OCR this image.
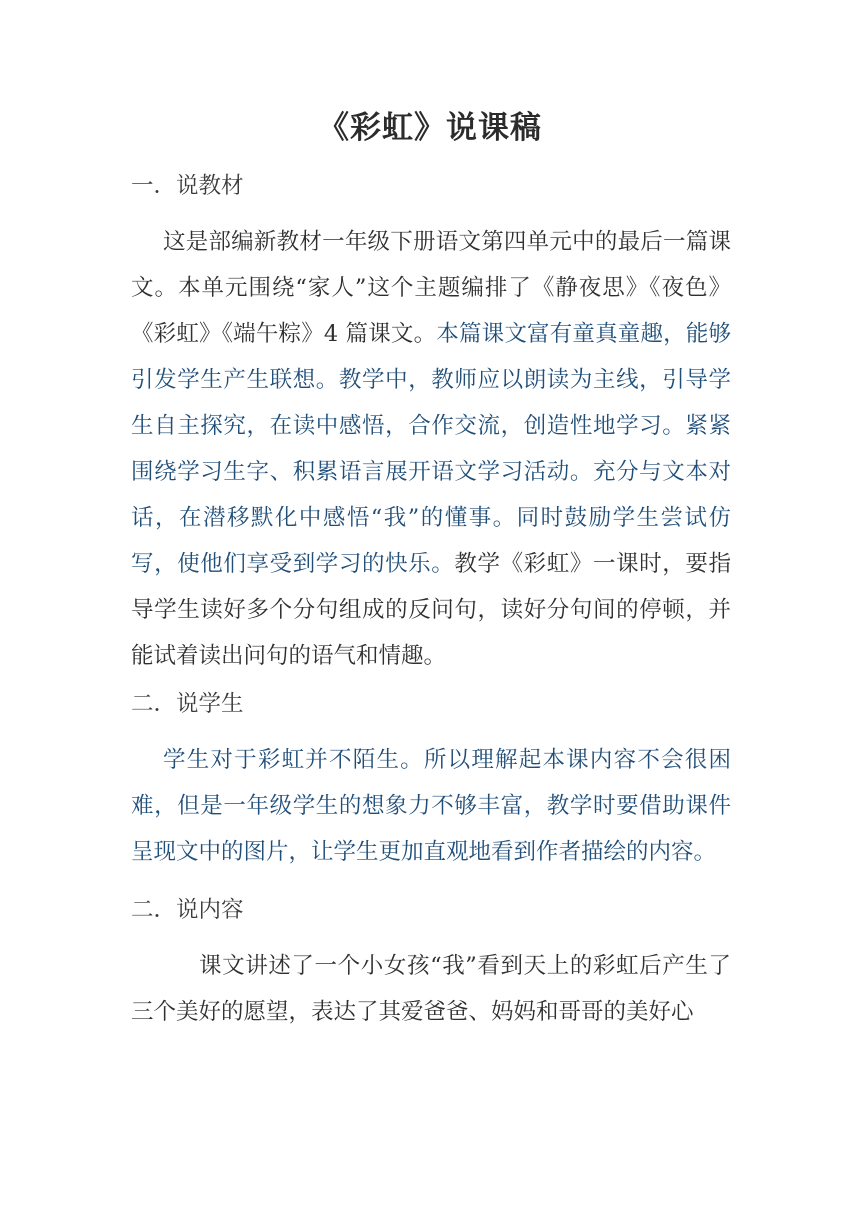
《彩虹》说课稿
一．说教材
这是部编新教材一年级下册语文第四单元中的最后一篇课文。本单元围绕“家人”这个主题编排了《静夜思》《夜色》《彩虹》《端午粽》4 篇课文。本篇课文富有童真童趣，能够引发学生产生联想。教学中，教师应以朗读为主线，引导学生自主探究，在读中感悟，合作交流，创造性地学习。紧紧围绕学习生字、积累语言展开语文学习活动。充分与文本对话，在潜移默化中感悟“我”的懂事。同时鼓励学生尝试仿写，使他们享受到学习的快乐。教学《彩虹》一课时，要指导学生读好多个分句组成的反问句，读好分句间的停顿，并能试着读出问句的语气和情趣。
二．说学生
学生对于彩虹并不陌生。所以理解起本课内容不会很困难，但是一年级学生的想象力不够丰富，教学时要借助课件呈现文中的图片，让学生更加直观地看到作者描绘的内容。
二．说内容
课文讲述了一个小女孩“我”看到天上的彩虹后产生了三个美好的愿望，表达了其爱爸爸、妈妈和哥哥的美好心
